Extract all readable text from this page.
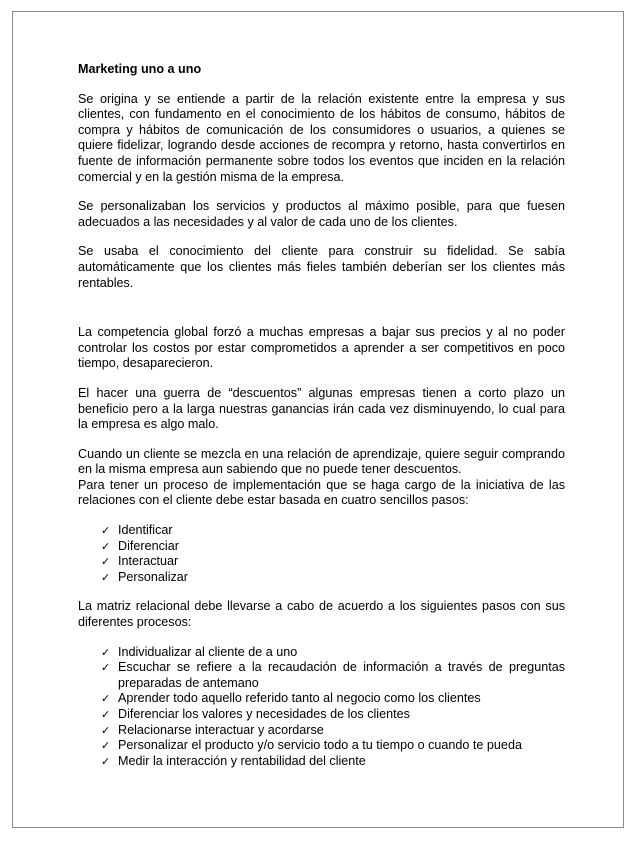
Marketing uno a uno

Se origina y se entiende a partir de la relación existente entre la empresa y sus clientes, con fundamento en el conocimiento de los hábitos de consumo, hábitos de compra y hábitos de comunicación de los consumidores o usuarios, a quienes se quiere fidelizar, logrando desde acciones de recompra y retorno, hasta convertirlos en fuente de información permanente sobre todos los eventos que inciden en la relación comercial y en la gestión misma de la empresa.

Se personalizaban los servicios y productos al máximo posible, para que fuesen adecuados a las necesidades y al valor de cada uno de los clientes.

Se usaba el conocimiento del cliente para construir su fidelidad. Se sabía automáticamente que los clientes más fieles también deberían ser los clientes más rentables.

La competencia global forzó a muchas empresas a bajar sus precios y al no poder controlar los costos por estar comprometidos a aprender a ser competitivos en poco tiempo, desaparecieron.

El hacer una guerra de “descuentos” algunas empresas tienen a corto plazo un beneficio pero a la larga nuestras ganancias irán cada vez disminuyendo, lo cual para la empresa es algo malo.

Cuando un cliente se mezcla en una relación de aprendizaje, quiere seguir comprando en la misma empresa aun sabiendo que no puede tener descuentos.

Para tener un proceso de implementación que se haga cargo de la iniciativa de las relaciones con el cliente debe estar basada en cuatro sencillos pasos:

✓ Identificar
✓ Diferenciar
✓ Interactuar
✓ Personalizar

La matriz relacional debe llevarse a cabo de acuerdo a los siguientes pasos con sus diferentes procesos:

✓ Individualizar al cliente de a uno
✓ Escuchar se refiere a la recaudación de información a través de preguntas preparadas de antemano
✓ Aprender todo aquello referido tanto al negocio como los clientes
✓ Diferenciar los valores y necesidades de los clientes
✓ Relacionarse interactuar y acordarse
✓ Personalizar el producto y/o servicio todo a tu tiempo o cuando te pueda
✓ Medir la interacción y rentabilidad del cliente
